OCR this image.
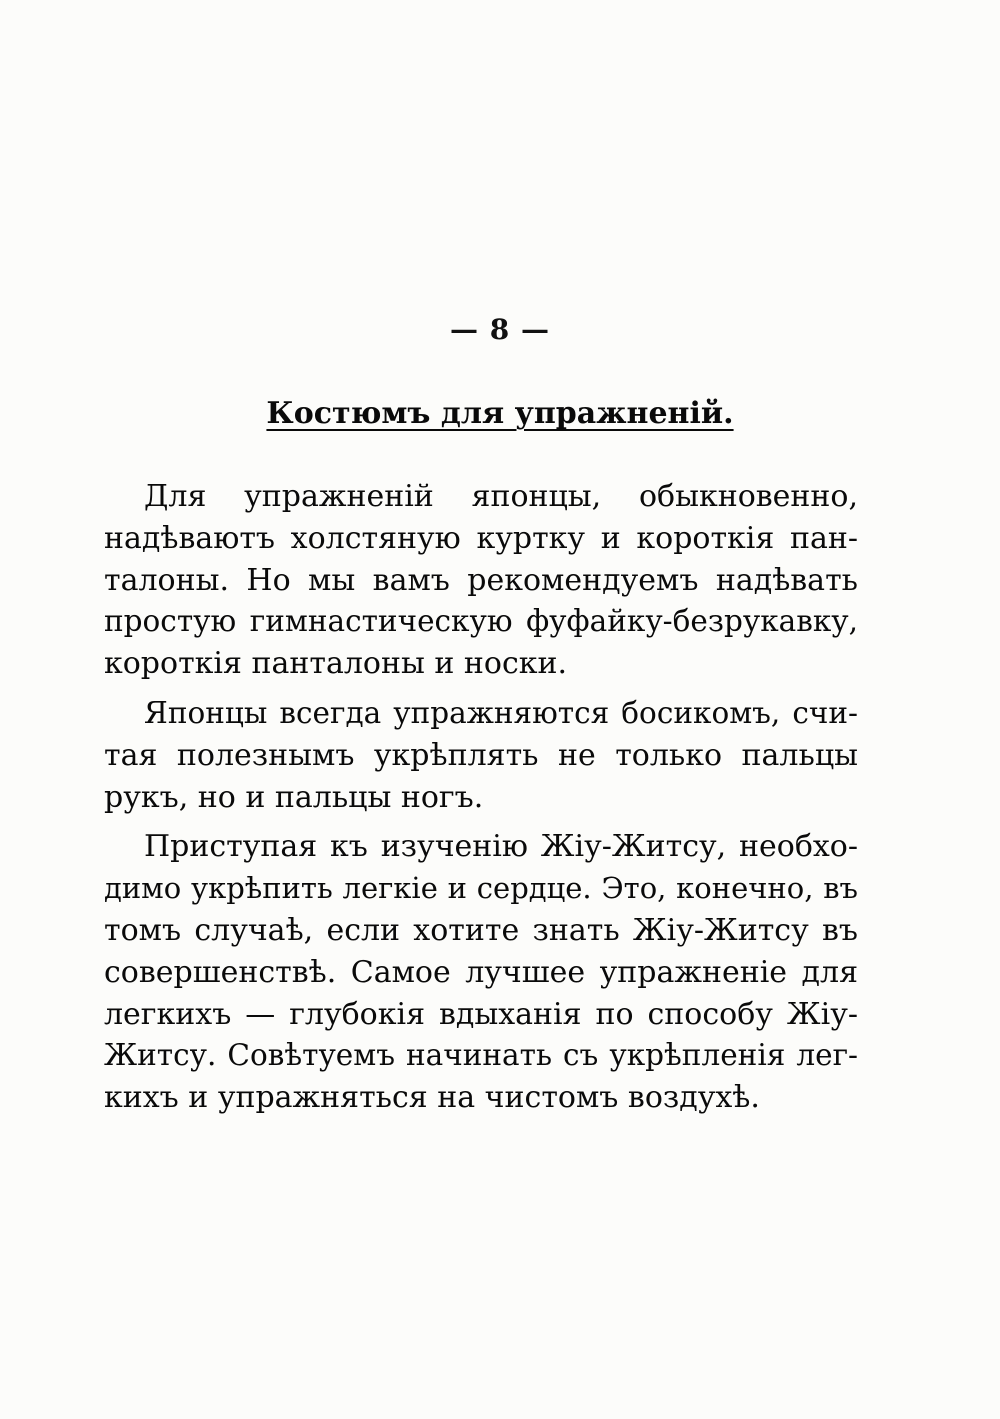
— 8 —
Костюмъ для упражненій.
Для упражненій японцы, обыкновенно,
надѣваютъ холстяную куртку и короткія пан-
талоны. Но мы вамъ рекомендуемъ надѣвать
простую гимнастическую фуфайку-безрукавку,
короткія панталоны и носки.
Японцы всегда упражняются босикомъ, счи-
тая полезнымъ укрѣплять не только пальцы
рукъ, но и пальцы ногъ.
Приступая къ изученію Жіу-Житсу, необхо-
димо укрѣпить легкіе и сердце. Это, конечно, въ
томъ случаѣ, если хотите знать Жіу-Житсу въ
совершенствѣ. Самое лучшее упражненіе для
легкихъ — глубокія вдыханія по способу Жіу-
Житсу. Совѣтуемъ начинать съ укрѣпленія лег-
кихъ и упражняться на чистомъ воздухѣ.
